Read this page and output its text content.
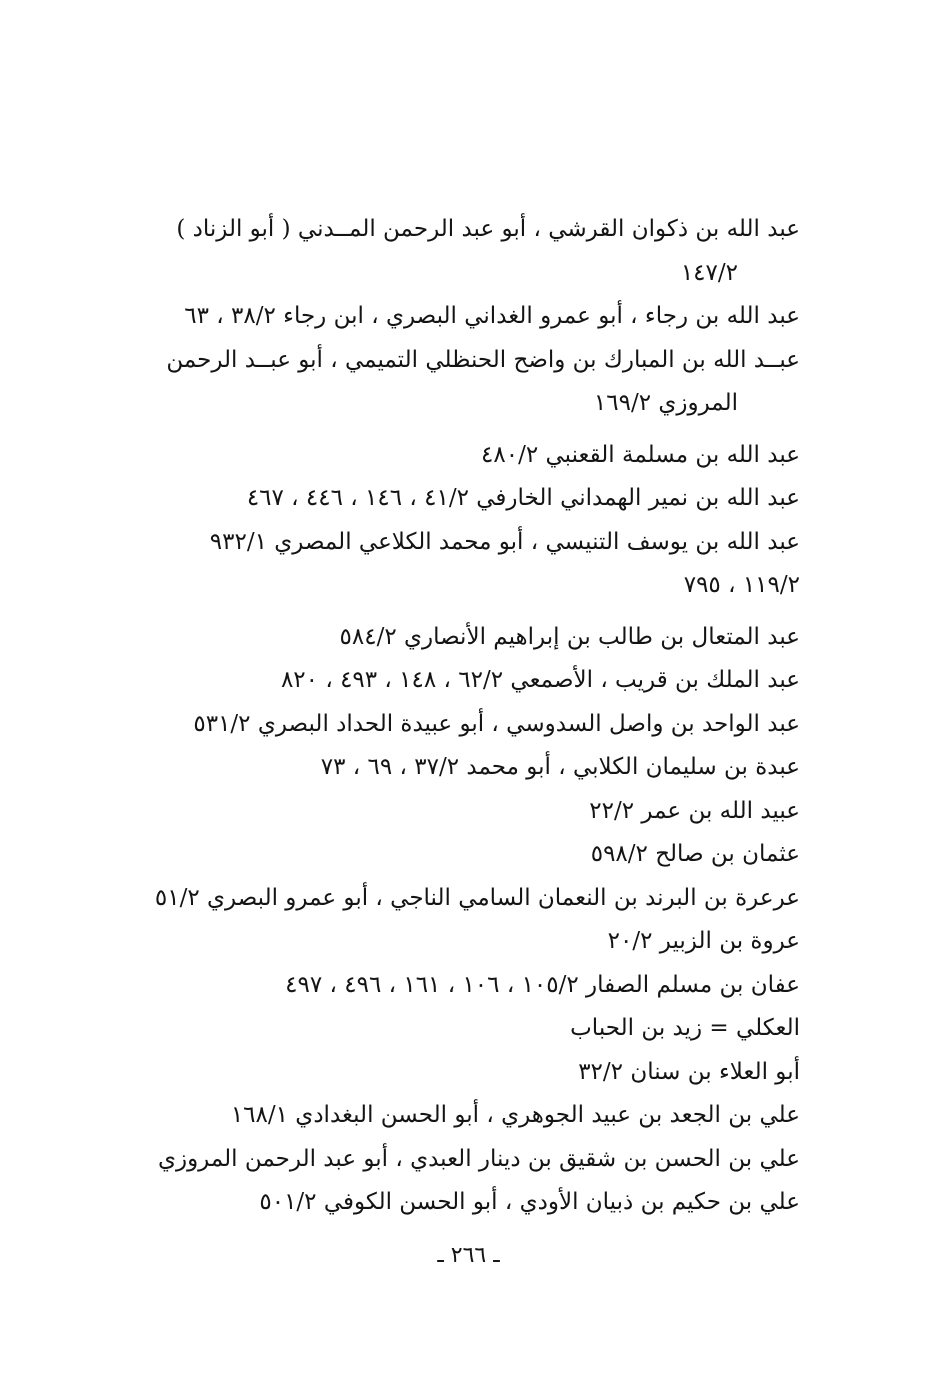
عبد الله بن ذكوان القرشي ، أبو عبد الرحمن المــدني ( أبو الزناد )
١٤٧/٢
عبد الله بن رجاء ، أبو عمرو الغداني البصري ، ابن رجاء ٣٨/٢ ، ٦٣
عبــد الله بن المبارك بن واضح الحنظلي التميمي ، أبو عبــد الرحمن
المروزي ١٦٩/٢
عبد الله بن مسلمة القعنبي ٤٨٠/٢
عبد الله بن نمير الهمداني الخارفي ٤١/٢ ، ١٤٦ ، ٤٤٦ ، ٤٦٧
عبد الله بن يوسف التنيسي ، أبو محمد الكلاعي المصري ٩٣٢/١
١١٩/٢ ، ٧٩٥
عبد المتعال بن طالب بن إبراهيم الأنصاري ٥٨٤/٢
عبد الملك بن قريب ، الأصمعي ٦٢/٢ ، ١٤٨ ، ٤٩٣ ، ٨٢٠
عبد الواحد بن واصل السدوسي ، أبو عبيدة الحداد البصري ٥٣١/٢
عبدة بن سليمان الكلابي ، أبو محمد ٣٧/٢ ، ٦٩ ، ٧٣
عبيد الله بن عمر ٢٢/٢
عثمان بن صالح ٥٩٨/٢
عرعرة بن البرند بن النعمان السامي الناجي ، أبو عمرو البصري ٥١/٢
عروة بن الزبير ٢٠/٢
عفان بن مسلم الصفار ١٠٥/٢ ، ١٠٦ ، ١٦١ ، ٤٩٦ ، ٤٩٧
العكلي = زيد بن الحباب
أبو العلاء بن سنان ٣٢/٢
علي بن الجعد بن عبيد الجوهري ، أبو الحسن البغدادي ١٦٨/١
علي بن الحسن بن شقيق بن دينار العبدي ، أبو عبد الرحمن المروزي
علي بن حكيم بن ذبيان الأودي ، أبو الحسن الكوفي ٥٠١/٢
ـ ٢٦٦ ـ
